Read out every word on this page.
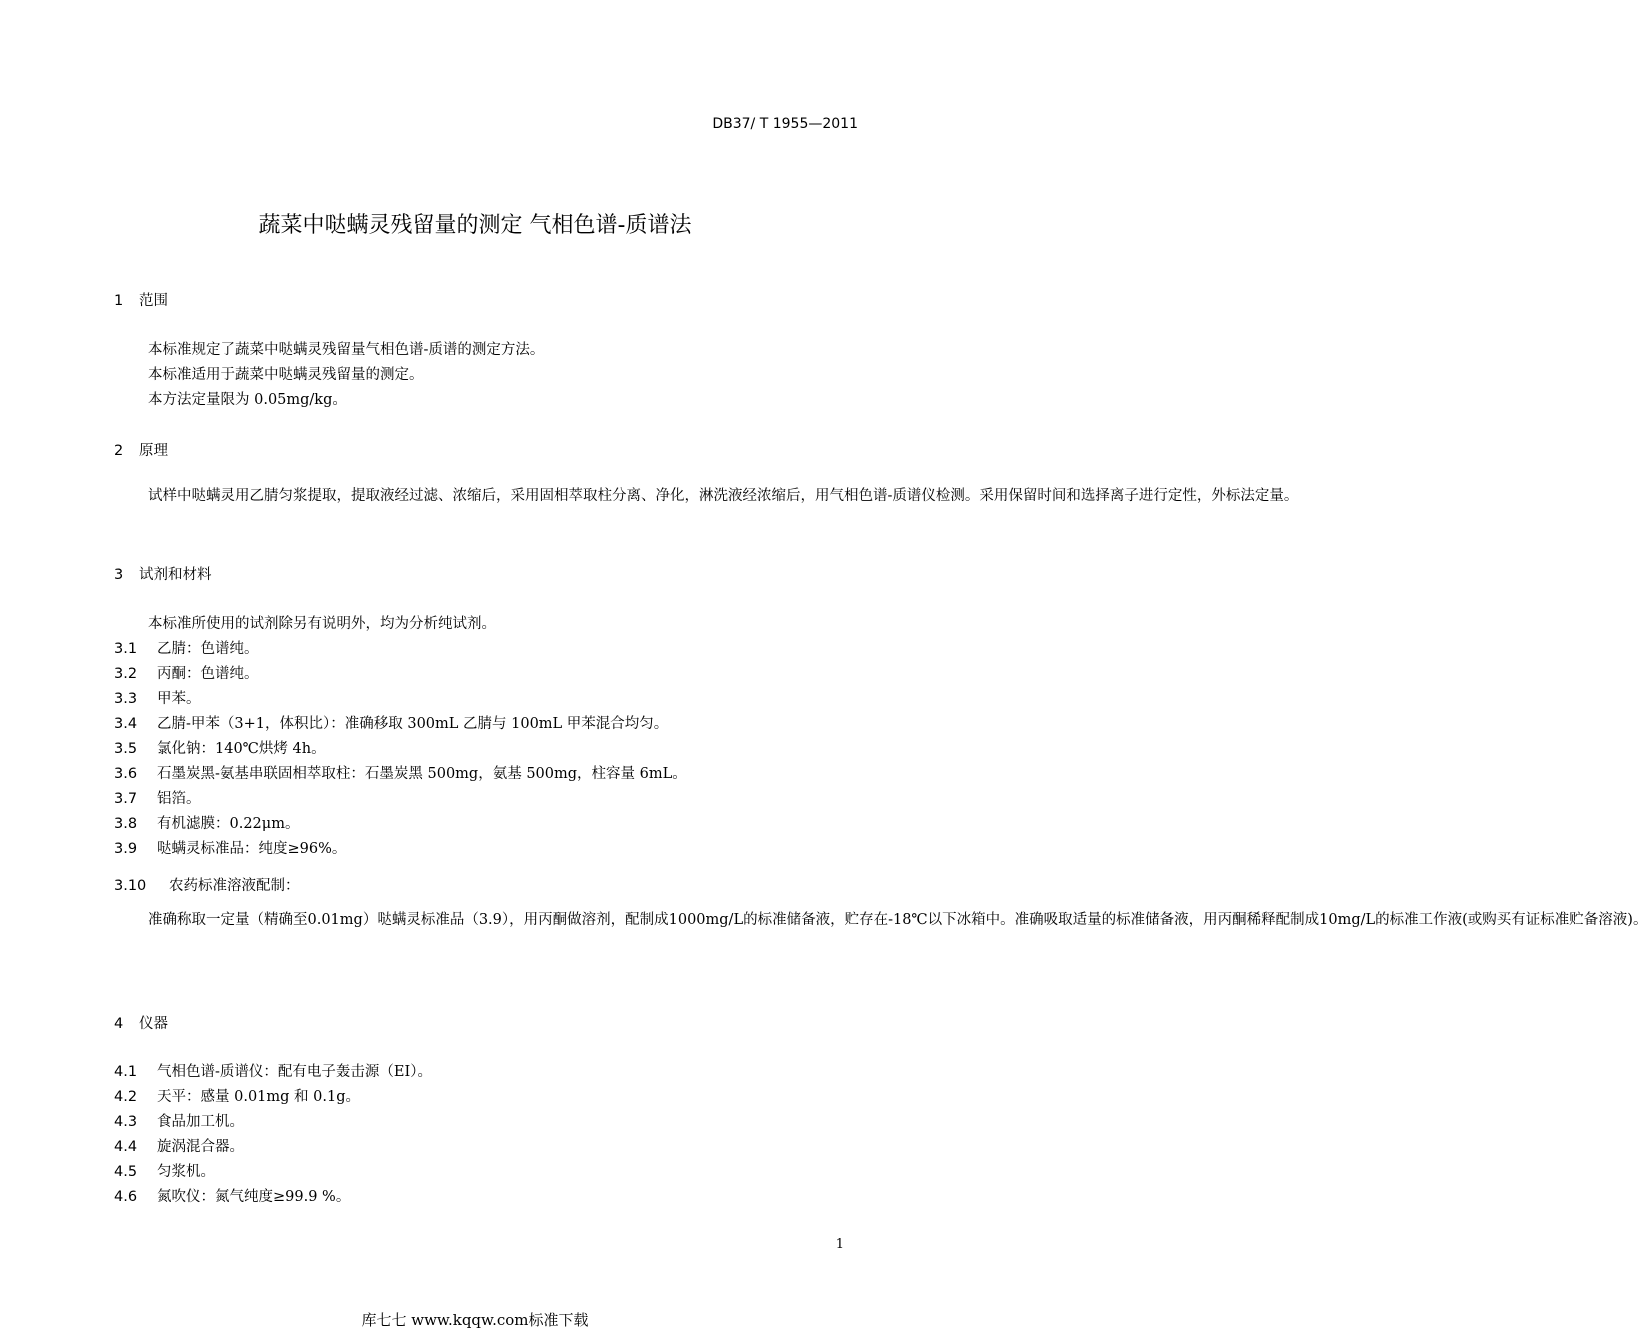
DB37/ T 1955—2011
蔬菜中哒螨灵残留量的测定 气相色谱-质谱法
1 范围
本标准规定了蔬菜中哒螨灵残留量气相色谱-质谱的测定方法。
本标准适用于蔬菜中哒螨灵残留量的测定。
本方法定量限为 0.05mg/kg。
2 原理
试样中哒螨灵用乙腈匀浆提取，提取液经过滤、浓缩后，采用固相萃取柱分离、净化，淋洗液经浓缩后，用气相色谱-质谱仪检测。采用保留时间和选择离子进行定性，外标法定量。
3 试剂和材料
本标准所使用的试剂除另有说明外，均为分析纯试剂。
3.1 乙腈：色谱纯。
3.2 丙酮：色谱纯。
3.3 甲苯。
3.4 乙腈-甲苯（3+1，体积比）：准确移取 300mL 乙腈与 100mL 甲苯混合均匀。
3.5 氯化钠：140℃烘烤 4h。
3.6 石墨炭黑-氨基串联固相萃取柱：石墨炭黑 500mg，氨基 500mg，柱容量 6mL。
3.7 铝箔。
3.8 有机滤膜：0.22μm。
3.9 哒螨灵标准品：纯度≥96%。
3.10 农药标准溶液配制：
准确称取一定量（精确至0.01mg）哒螨灵标准品（3.9），用丙酮做溶剂，配制成1000mg/L的标准储备液，贮存在-18℃以下冰箱中。准确吸取适量的标准储备液，用丙酮稀释配制成10mg/L的标准工作液(或购买有证标准贮备溶液)。
4 仪器
4.1 气相色谱-质谱仪：配有电子轰击源（EI）。
4.2 天平：感量 0.01mg 和 0.1g。
4.3 食品加工机。
4.4 旋涡混合器。
4.5 匀浆机。
4.6 氮吹仪：氮气纯度≥99.9 %。
1
库七七 www.kqqw.com标准下载
